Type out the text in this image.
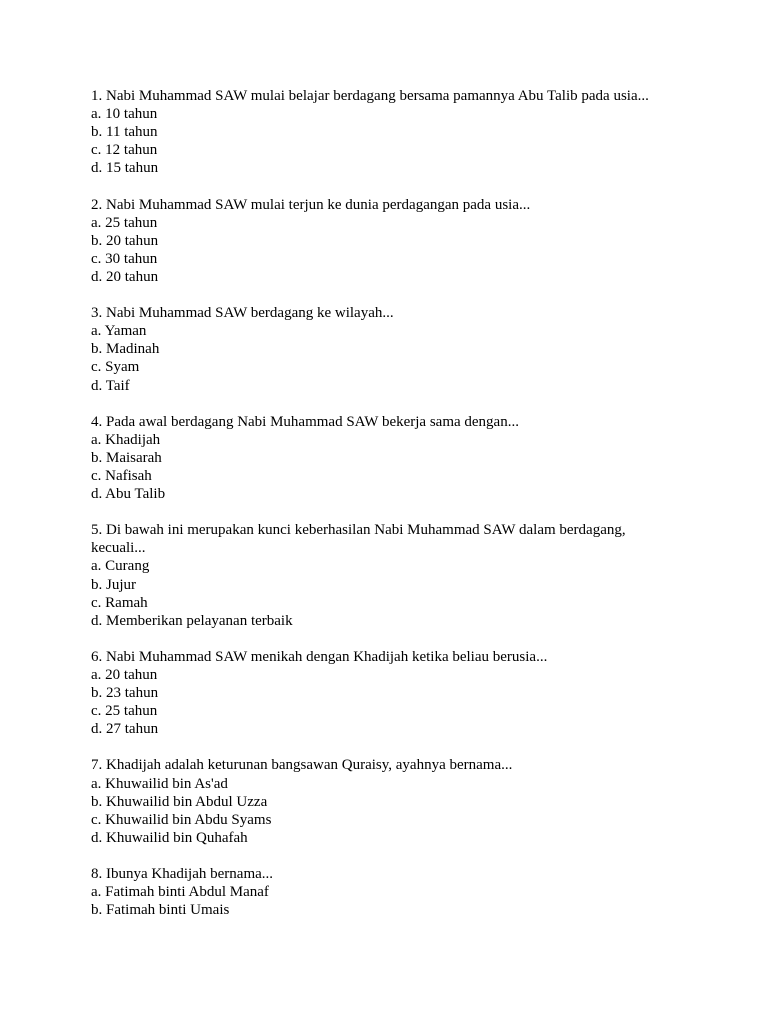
1. Nabi Muhammad SAW mulai belajar berdagang bersama pamannya Abu Talib pada usia...
a. 10 tahun
b. 11 tahun
c. 12 tahun
d. 15 tahun
2. Nabi Muhammad SAW mulai terjun ke dunia perdagangan pada usia...
a. 25 tahun
b. 20 tahun
c. 30 tahun
d. 20 tahun
3. Nabi Muhammad SAW berdagang ke wilayah...
a. Yaman
b. Madinah
c. Syam
d. Taif
4. Pada awal berdagang Nabi Muhammad SAW bekerja sama dengan...
a. Khadijah
b. Maisarah
c. Nafisah
d. Abu Talib
5. Di bawah ini merupakan kunci keberhasilan Nabi Muhammad SAW dalam berdagang,
kecuali...
a. Curang
b. Jujur
c. Ramah
d. Memberikan pelayanan terbaik
6. Nabi Muhammad SAW menikah dengan Khadijah ketika beliau berusia...
a. 20 tahun
b. 23 tahun
c. 25 tahun
d. 27 tahun
7. Khadijah adalah keturunan bangsawan Quraisy, ayahnya bernama...
a. Khuwailid bin As'ad
b. Khuwailid bin Abdul Uzza
c. Khuwailid bin Abdu Syams
d. Khuwailid bin Quhafah
8. Ibunya Khadijah bernama...
a. Fatimah binti Abdul Manaf
b. Fatimah binti Umais
